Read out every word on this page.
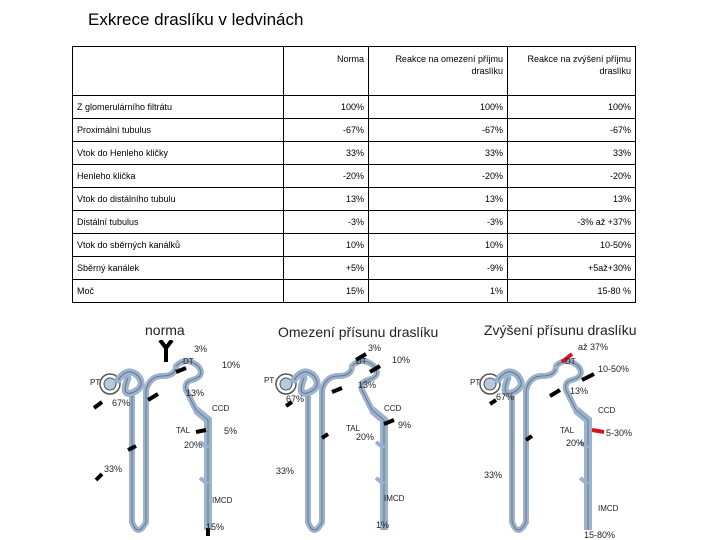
Exkrece draslíku v ledvinách
	Norma	Reakce na omezení příjmu draslíku	Reakce na zvýšení příjmu draslíku
Z glomerulárního filtrátu	100%	100%	100%
Proximální tubulus	-67%	-67%	-67%
Vtok do Henleho kličky	33%	33%	33%
Henleho klička	-20%	-20%	-20%
Vtok do distálního tubulu	13%	13%	13%
Distální tubulus	-3%	-3%	-3% až +37%
Vtok do sběrných kanálků	10%	10%	10-50%
Sběrný kanálek	+5%	-9%	+5až+30%
Moč	15%	1%	15-80 %
norma	Omezení přísunu draslíku	Zvýšení přísunu draslíku
PT
DT
CCD
TAL
IMCD
PT
DT
CCD
TAL
IMCD
PT
DT
CCD
TAL
IMCD
3%
10%
13%
67%
5%
20%
33%
15%
3%
10%
13%
67%
9%
20%
33%
1%
až 37%
10-50%
13%
67%
5-30%
20%
33%
15-80%
